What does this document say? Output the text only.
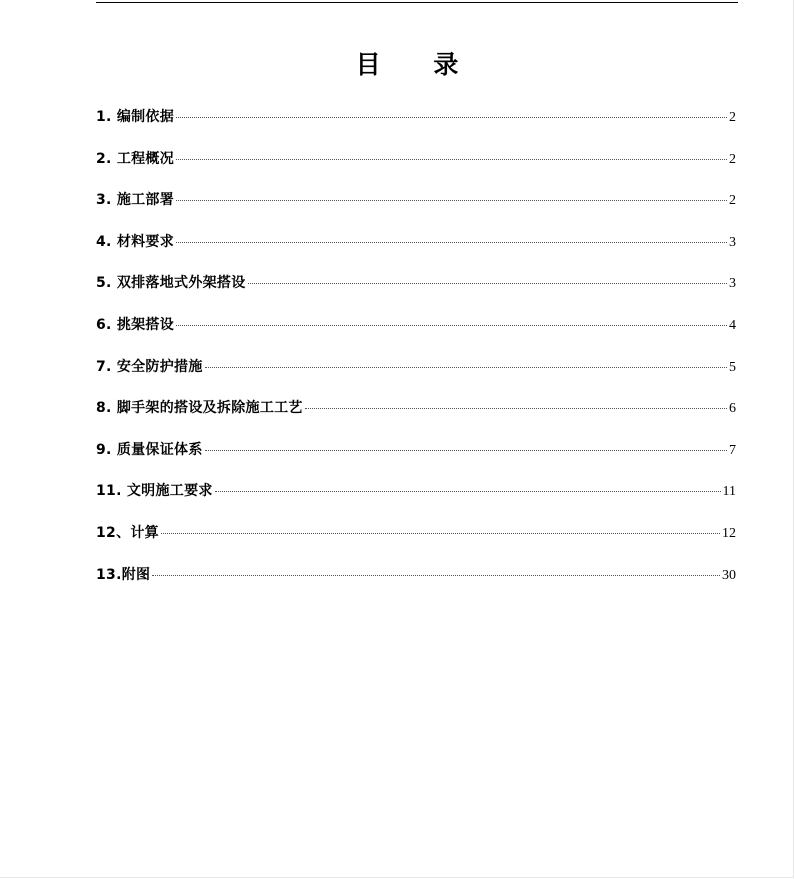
目 录
1. 编制依据	2
2. 工程概况	2
3. 施工部署	2
4. 材料要求	3
5. 双排落地式外架搭设	3
6. 挑架搭设	4
7. 安全防护措施	5
8. 脚手架的搭设及拆除施工工艺	6
9. 质量保证体系	7
11. 文明施工要求	11
12、计算	12
13.附图	30
